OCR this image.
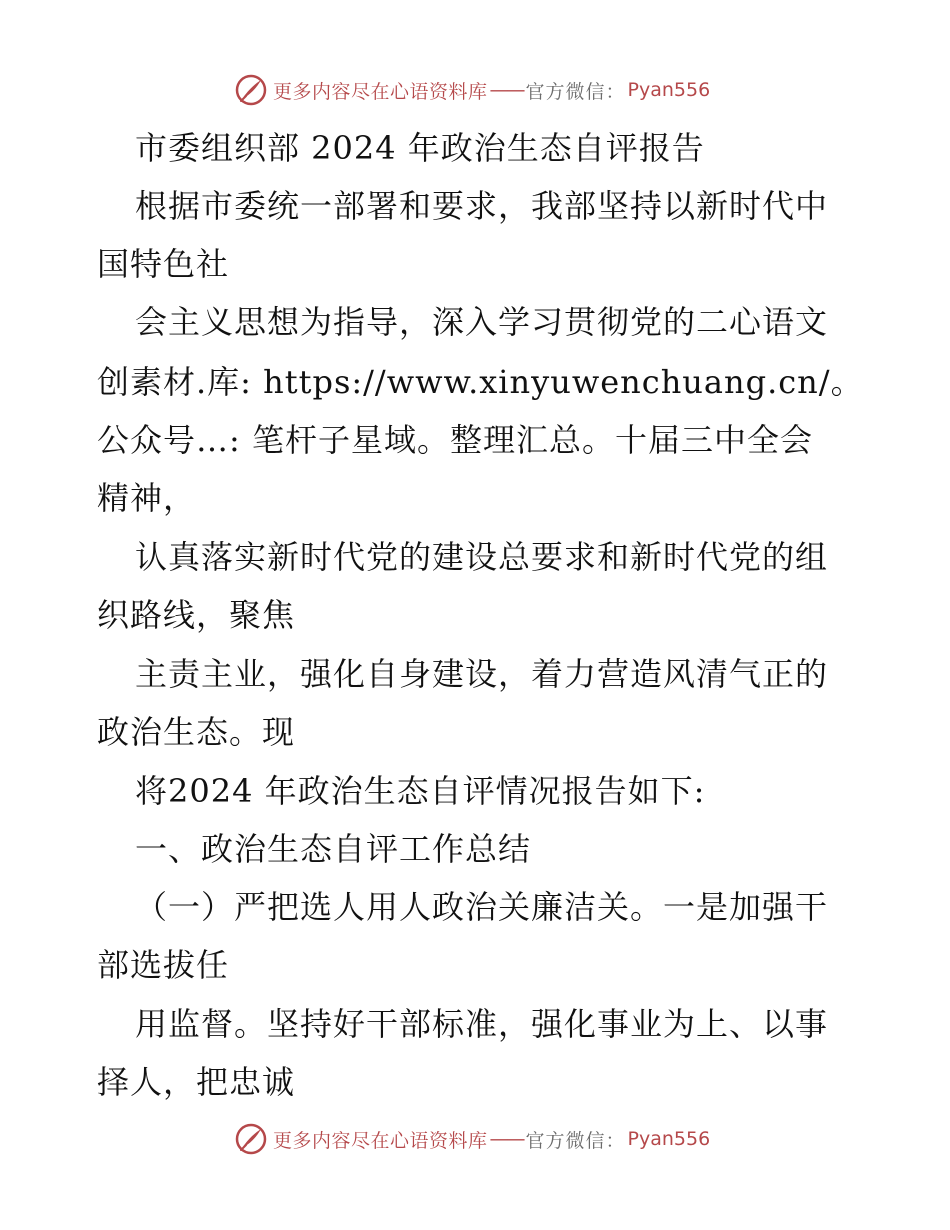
更多内容尽在心语资料库 —— 官方微信： Pyan556
市委组织部 2024 年政治生态自评报告
根据市委统一部署和要求，我部坚持以新时代中
国特色社
会主义思想为指导，深入学习贯彻党的二心语文
创素材.库: https://www.xinyuwenchuang.cn/。
公众号…: 笔杆子星域。整理汇总。十届三中全会
精神，
认真落实新时代党的建设总要求和新时代党的组
织路线，聚焦
主责主业，强化自身建设，着力营造风清气正的
政治生态。现
将2024 年政治生态自评情况报告如下:
一、政治生态自评工作总结
（一）严把选人用人政治关廉洁关。一是加强干
部选拔任
用监督。坚持好干部标准，强化事业为上、以事
择人，把忠诚
更多内容尽在心语资料库 —— 官方微信： Pyan556
